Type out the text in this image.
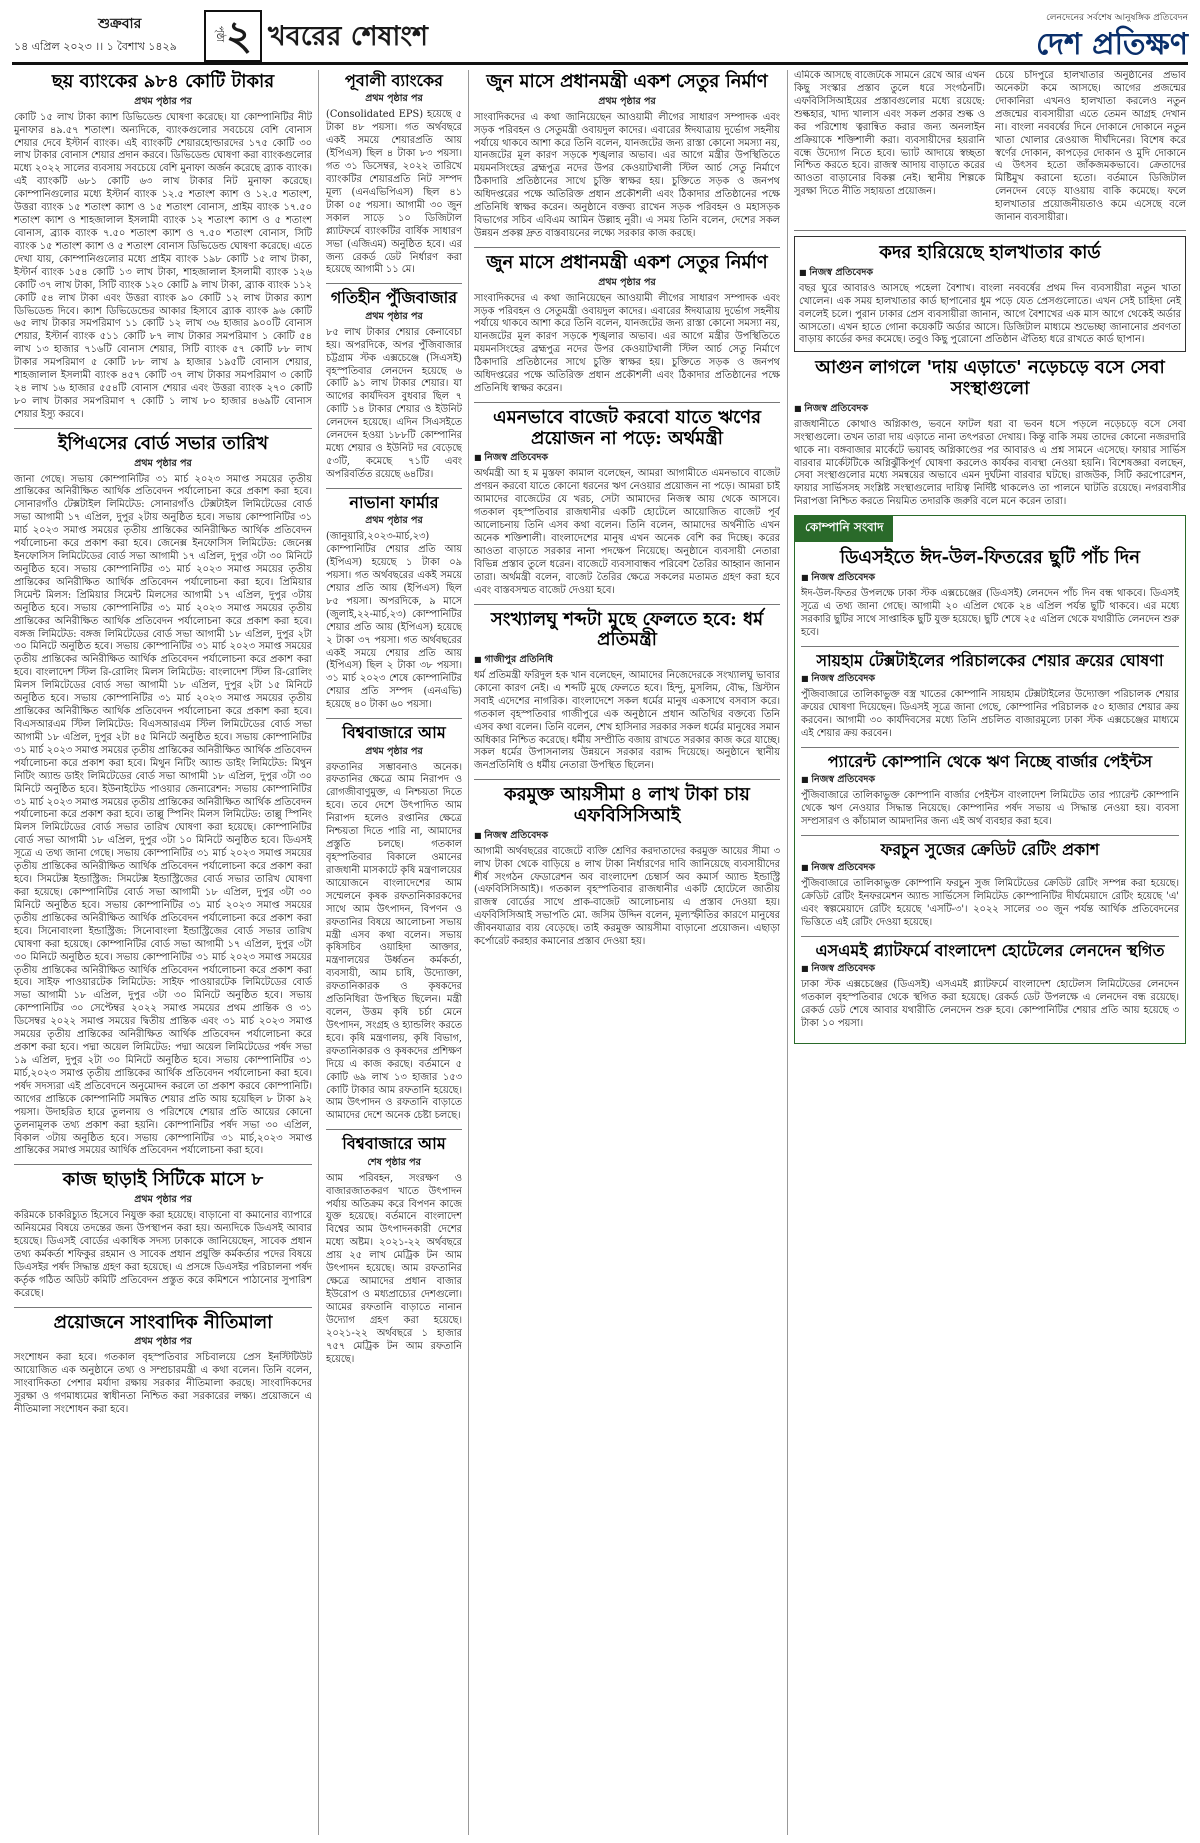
শুক্রবার
১৪ এপ্রিল ২০২৩ ।। ১ বৈশাখ ১৪২৯
পৃষ্ঠা ২ খবরের শেষাংশ
লেনদেনের সর্বশেষ আনুষঙ্গিক প্রতিবেদন
দেশ প্রতিক্ষণ
ছয় ব্যাংকের ৯৮৪ কোটি টাকার
প্রথম পৃষ্ঠার পর

কোটি ১৫ লাখ টাকা ক্যাশ ডিভিডেন্ড ঘোষণা করেছে। যা কোম্পানিটির নীট মুনাফার ৪৯.৫৭ শতাংশ। অন্যদিকে, ব্যাংকগুলোর সবচেয়ে বেশি বোনাস শেয়ার দেবে ইস্টার্ন ব্যাংক। এই ব্যাংকটি শেয়ারহোল্ডারদের ১৭৫ কোটি ৩০ লাখ টাকার বোনাস শেয়ার প্রদান করবে। ডিভিডেন্ড ঘোষণা করা ব্যাংকগুলোর মধ্যে ২০২২ সালের ব্যবসায় সবচেয়ে বেশি মুনাফা অর্জন করেছে ব্র্যাক ব্যাংক। এই ব্যাংকটি ৬৮১ কোটি ৬৩ লাখ টাকার নিট মুনাফা করেছে। কোম্পানিগুলোর মধ্যে ইস্টার্ন ব্যাংক ১২.৫ শতাংশ ক্যাশ ও ১২.৫ শতাংশ, উত্তরা ব্যাংক ১৫ শতাংশ ক্যাশ ও ১৫ শতাংশ বোনাস, প্রাইম ব্যাংক ১৭.৫০ শতাংশ ক্যাশ ও শাহজালাল ইসলামী ব্যাংক ১২ শতাংশ ক্যাশ ও ৫ শতাংশ বোনাস, ব্র্যাক ব্যাংক ৭.৫০ শতাংশ ক্যাশ ও ৭.৫০ শতাংশ বোনাস, সিটি ব্যাংক ১৫ শতাংশ ক্যাশ ও ৫ শতাংশ বোনাস ডিভিডেন্ড ঘোষণা করেছে। এতে দেখা যায়, কোম্পানিগুলোর মধ্যে প্রাইম ব্যাংক ১৯৮ কোটি ১৫ লাখ টাকা, ইস্টার্ন ব্যাংক ১৫৪ কোটি ১৩ লাখ টাকা, শাহজালাল ইসলামী ব্যাংক ১২৬ কোটি ৩৭ লাখ টাকা, সিটি ব্যাংক ১২০ কোটি ৯ লাখ টাকা, ব্র্যাক ব্যাংক ১১২ কোটি ৫৪ লাখ টাকা এবং উত্তরা ব্যাংক ৯০ কোটি ১২ লাখ টাকার ক্যাশ ডিভিডেন্ড দিবে। ক্যাশ ডিভিডেন্ডের আকার হিসাবে ব্র্যাক ব্যাংক ৯৬ কোটি ৬৫ লাখ টাকার সমপরিমাণ ১১ কোটি ১২ লাখ ৩৬ হাজার ৯০০টি বোনাস শেয়ার, ইস্টার্ন ব্যাংক ৫১১ কোটি ৮৭ লাখ টাকার সমপরিমাণ ১ কোটি ৫৪ লাখ ১৩ হাজার ৭১৬টি বোনাস শেয়ার, সিটি ব্যাংক ৫৭ কোটি ৮৮ লাখ টাকার সমপরিমাণ ৫ কোটি ৮৮ লাখ ৯ হাজার ১৯৫টি বোনাস শেয়ার, শাহজালাল ইসলামী ব্যাংক ৪৫৭ কোটি ৩৭ লাখ টাকার সমপরিমাণ ৩ কোটি ২৪ লাখ ১৬ হাজার ৫৫৪টি বোনাস শেয়ার এবং উত্তরা ব্যাংক ২৭০ কোটি ৮০ লাখ টাকার সমপরিমাণ ৭ কোটি ১ লাখ ৮০ হাজার ৪৬৯টি বোনাস শেয়ার ইস্যু করবে।

ইপিএসের বোর্ড সভার তারিখ
প্রথম পৃষ্ঠার পর

জানা গেছে। সভায় কোম্পানিটির ৩১ মার্চ ২০২৩ সমাপ্ত সময়ের তৃতীয় প্রান্তিকের অনিরীক্ষিত আর্থিক প্রতিবেদন পর্যালোচনা করে প্রকাশ করা হবে। সোনারগাঁও টেক্সটাইল লিমিটেড: সোনারগাঁও টেক্সটাইল লিমিটেডের বোর্ড সভা আগামী ১৭ এপ্রিল, দুপুর ২টায় অনুষ্ঠিত হবে। সভায় কোম্পানিটির ৩১ মার্চ ২০২৩ সমাপ্ত সময়ের তৃতীয় প্রান্তিকের অনিরীক্ষিত আর্থিক প্রতিবেদন পর্যালোচনা করে প্রকাশ করা হবে। জেনেক্স ইনফোসিস লিমিটেড: জেনেক্স ইনফোসিস লিমিটেডের বোর্ড সভা আগামী ১৭ এপ্রিল, দুপুর ৩টা ৩০ মিনিটে অনুষ্ঠিত হবে। সভায় কোম্পানিটির ৩১ মার্চ ২০২৩ সমাপ্ত সময়ের তৃতীয় প্রান্তিকের অনিরীক্ষিত আর্থিক প্রতিবেদন পর্যালোচনা করা হবে। প্রিমিয়ার সিমেন্ট মিলস: প্রিমিয়ার সিমেন্ট মিলসের আগামী ১৭ এপ্রিল, দুপুর ৩টায় অনুষ্ঠিত হবে। সভায় কোম্পানিটির ৩১ মার্চ ২০২৩ সমাপ্ত সময়ের তৃতীয় প্রান্তিকের অনিরীক্ষিত আর্থিক প্রতিবেদন পর্যালোচনা করে প্রকাশ করা হবে। বঙ্গজ লিমিটেড: বঙ্গজ লিমিটেডের বোর্ড সভা আগামী ১৮ এপ্রিল, দুপুর ২টা ৩০ মিনিটে অনুষ্ঠিত হবে। সভায় কোম্পানিটির ৩১ মার্চ ২০২৩ সমাপ্ত সময়ের তৃতীয় প্রান্তিকের অনিরীক্ষিত আর্থিক প্রতিবেদন পর্যালোচনা করে প্রকাশ করা হবে। বাংলাদেশ স্টিল রি-রোলিং মিলস লিমিটেড: বাংলাদেশ স্টিল রি-রোলিং মিলস লিমিটেডের বোর্ড সভা আগামী ১৮ এপ্রিল, দুপুর ২টা ১৫ মিনিটে অনুষ্ঠিত হবে। সভায় কোম্পানিটির ৩১ মার্চ ২০২৩ সমাপ্ত সময়ের তৃতীয় প্রান্তিকের অনিরীক্ষিত আর্থিক প্রতিবেদন পর্যালোচনা করে প্রকাশ করা হবে। বিএসআরএম স্টিল লিমিটেড: বিএসআরএম স্টিল লিমিটেডের বোর্ড সভা আগামী ১৮ এপ্রিল, দুপুর ২টা ৪৫ মিনিটে অনুষ্ঠিত হবে। সভায় কোম্পানিটির ৩১ মার্চ ২০২৩ সমাপ্ত সময়ের তৃতীয় প্রান্তিকের অনিরীক্ষিত আর্থিক প্রতিবেদন পর্যালোচনা করে প্রকাশ করা হবে। মিথুন নিটিং অ্যান্ড ডাইং লিমিটেড: মিথুন নিটিং অ্যান্ড ডাইং লিমিটেডের বোর্ড সভা আগামী ১৮ এপ্রিল, দুপুর ৩টা ৩০ মিনিটে অনুষ্ঠিত হবে। ইউনাইটেড পাওয়ার জেনারেশন: সভায় কোম্পানিটির ৩১ মার্চ ২০২৩ সমাপ্ত সময়ের তৃতীয় প্রান্তিকের অনিরীক্ষিত আর্থিক প্রতিবেদন পর্যালোচনা করে প্রকাশ করা হবে। তাল্লু স্পিনিং মিলস লিমিটেড: তাল্লু স্পিনিং মিলস লিমিটেডের বোর্ড সভার তারিখ ঘোষণা করা হয়েছে। কোম্পানিটির বোর্ড সভা আগামী ১৮ এপ্রিল, দুপুর ৩টা ১০ মিনিটে অনুষ্ঠিত হবে। ডিএসই সূত্রে এ তথ্য জানা গেছে। সভায় কোম্পানিটির ৩১ মার্চ ২০২৩ সমাপ্ত সময়ের তৃতীয় প্রান্তিকের অনিরীক্ষিত আর্থিক প্রতিবেদন পর্যালোচনা করে প্রকাশ করা হবে। সিমটেক্স ইন্ডাস্ট্রিজ: সিমটেক্স ইন্ডাস্ট্রিজের বোর্ড সভার তারিখ ঘোষণা করা হয়েছে। কোম্পানিটির বোর্ড সভা আগামী ১৮ এপ্রিল, দুপুর ৩টা ৩০ মিনিটে অনুষ্ঠিত হবে। সভায় কোম্পানিটির ৩১ মার্চ ২০২৩ সমাপ্ত সময়ের তৃতীয় প্রান্তিকের অনিরীক্ষিত আর্থিক প্রতিবেদন পর্যালোচনা করে প্রকাশ করা হবে। সিনোবাংলা ইন্ডাস্ট্রিজ: সিনোবাংলা ইন্ডাস্ট্রিজের বোর্ড সভার তারিখ ঘোষণা করা হয়েছে। কোম্পানিটির বোর্ড সভা আগামী ১৭ এপ্রিল, দুপুর ৩টা ৩০ মিনিটে অনুষ্ঠিত হবে। সভায় কোম্পানিটির ৩১ মার্চ ২০২৩ সমাপ্ত সময়ের তৃতীয় প্রান্তিকের অনিরীক্ষিত আর্থিক প্রতিবেদন পর্যালোচনা করে প্রকাশ করা হবে। সাইফ পাওয়ারটেক লিমিটেড: সাইফ পাওয়ারটেক লিমিটেডের বোর্ড সভা আগামী ১৮ এপ্রিল, দুপুর ৩টা ৩০ মিনিটে অনুষ্ঠিত হবে। সভায় কোম্পানিটির ৩০ সেপ্টেম্বর ২০২২ সমাপ্ত সময়ের প্রথম প্রান্তিক ও ৩১ ডিসেম্বর ২০২২ সমাপ্ত সময়ের দ্বিতীয় প্রান্তিক এবং ৩১ মার্চ ২০২৩ সমাপ্ত সময়ের তৃতীয় প্রান্তিকের অনিরীক্ষিত আর্থিক প্রতিবেদন পর্যালোচনা করে প্রকাশ করা হবে। পদ্মা অয়েল লিমিটেড: পদ্মা অয়েল লিমিটেডের পর্ষদ সভা ১৯ এপ্রিল, দুপুর ২টা ৩০ মিনিটে অনুষ্ঠিত হবে। সভায় কোম্পানিটির ৩১ মার্চ,২০২৩ সমাপ্ত তৃতীয় প্রান্তিকের আর্থিক প্রতিবেদন পর্যালোচনা করা হবে। পর্ষদ সদস্যরা এই প্রতিবেদনে অনুমোদন করলে তা প্রকাশ করবে কোম্পানিটি। আগের প্রান্তিকে কোম্পানিটি সমন্বিত শেয়ার প্রতি আয় হয়েছিল ৮ টাকা ৯২ পয়সা। উদাহরিত হারে তুলনায় ও পরিশেষে শেয়ার প্রতি আয়ের কোনো তুলনামূলক তথ্য প্রকাশ করা হয়নি। কোম্পানিটির পর্ষদ সভা ৩০ এপ্রিল, বিকাল ৩টায় অনুষ্ঠিত হবে। সভায় কোম্পানিটির ৩১ মার্চ,২০২৩ সমাপ্ত প্রান্তিকের সমাপ্ত সময়ের আর্থিক প্রতিবেদন পর্যালোচনা করা হবে।

কাজ ছাড়াই সিটিকে মাসে ৮
প্রথম পৃষ্ঠার পর

করিমকে চাকরিচ্যুত হিসেবে নিযুক্ত করা হয়েছে। বাড়ানো বা কমানোর ব্যাপারে অনিয়মের বিষয়ে তদন্তের জন্য উপস্থাপন করা হয়। অন্যদিকে ডিএসই আবার হয়েছে। ডিএসই বোর্ডের একাধিক সদস্য ঢাকাকে জানিয়েছেন, সাবেক প্রধান তথ্য কর্মকর্তা শফিকুর রহমান ও সাবেক প্রধান প্রযুক্তি কর্মকর্তার পদের বিষয়ে ডিএসইর পর্ষদ সিদ্ধান্ত গ্রহণ করা হয়েছে। এ প্রসঙ্গে ডিএসইর পরিচালনা পর্ষদ কর্তৃক গঠিত অডিট কমিটি প্রতিবেদন প্রস্তুত করে কমিশনে পাঠানোর সুপারিশ করেছে।

প্রয়োজনে সাংবাদিক নীতিমালা
প্রথম পৃষ্ঠার পর

সংশোধন করা হবে। গতকাল বৃহস্পতিবার সচিবালয়ে প্রেস ইনস্টিটিউট আয়োজিত এক অনুষ্ঠানে তথ্য ও সম্প্রচারমন্ত্রী এ কথা বলেন। তিনি বলেন, সাংবাদিকতা পেশার মর্যাদা রক্ষায় সরকার নীতিমালা করছে। সাংবাদিকদের সুরক্ষা ও গণমাধ্যমের স্বাধীনতা নিশ্চিত করা সরকারের লক্ষ্য। প্রয়োজনে এ নীতিমালা সংশোধন করা হবে।

পূবালী ব্যাংকের
প্রথম পৃষ্ঠার পর

(Consolidated EPS) হয়েছে ৫ টাকা ৪৮ পয়সা। গত অর্থবছরে একই সময়ে শেয়ারপ্রতি আয় (ইপিএস) ছিল ৪ টাকা ৮৩ পয়সা। গত ৩১ ডিসেম্বর, ২০২২ তারিখে ব্যাংকটির শেয়ারপ্রতি নিট সম্পদ মূল্য (এনএভিপিএস) ছিল ৪১ টাকা ০৫ পয়সা। আগামী ৩০ জুন সকাল সাড়ে ১০ ডিজিটাল প্ল্যাটফর্মে ব্যাংকটির বার্ষিক সাধারণ সভা (এজিএম) অনুষ্ঠিত হবে। এর জন্য রেকর্ড ডেট নির্ধারণ করা হয়েছে আগামী ১১ মে।

গতিহীন পুঁজিবাজার
প্রথম পৃষ্ঠার পর

৮৫ লাখ টাকার শেয়ার কেনাবেচা হয়। অপরদিকে, অপর পুঁজিবাজার চট্টগ্রাম স্টক এক্সচেঞ্জে (সিএসই) বৃহস্পতিবার লেনদেন হয়েছে ৬ কোটি ৯১ লাখ টাকার শেয়ার। যা আগের কার্যদিবস বুধবার ছিল ৭ কোটি ১৪ টাকার শেয়ার ও ইউনিট লেনদেন হয়েছে। এদিন সিএসইতে লেনদেন হওয়া ১৮৮টি কোম্পানির মধ্যে শেয়ার ও ইউনিট দর বেড়েছে ৫৩টি, কমেছে ৭১টি এবং অপরিবর্তিত রয়েছে ৬৪টির।

নাভানা ফার্মার
প্রথম পৃষ্ঠার পর

(জানুয়ারি,২০২৩-মার্চ,২৩) কোম্পানিটির শেয়ার প্রতি আয় (ইপিএস) হয়েছে ১ টাকা ০৯ পয়সা। গত অর্থবছরের একই সময়ে শেয়ার প্রতি আয় (ইপিএস) ছিল ৮৫ পয়সা। অপরদিকে, ৯ মাসে (জুলাই,২২-মার্চ,২৩) কোম্পানিটির শেয়ার প্রতি আয় (ইপিএস) হয়েছে ২ টাকা ৩৭ পয়সা। গত অর্থবছরের একই সময়ে শেয়ার প্রতি আয় (ইপিএস) ছিল ২ টাকা ৩৮ পয়সা। ৩১ মার্চ ২০২৩ শেষে কোম্পানিটির শেয়ার প্রতি সম্পদ (এনএভি) হয়েছে ৪০ টাকা ৬০ পয়সা।

বিশ্ববাজারে আম
প্রথম পৃষ্ঠার পর

রফতানির সম্ভাবনাও অনেক। রফতানির ক্ষেত্রে আম নিরাপদ ও রোগজীবাণুমুক্ত, এ নিশ্চয়তা দিতে হবে। তবে দেশে উৎপাদিত আম নিরাপদ হলেও রপ্তানির ক্ষেত্রে নিশ্চয়তা দিতে পারি না, আমাদের প্রস্তুতি চলছে। গতকাল বৃহস্পতিবার বিকালে ওমানের রাজধানী মাসকাটে কৃষি মন্ত্রণালয়ের আয়োজনে বাংলাদেশের আম সম্মেলনে কৃষক রফতানিকারকদের সাথে আম উৎপাদন, বিপণন ও রফতানির বিষয়ে আলোচনা সভায় মন্ত্রী এসব কথা বলেন। সভায় কৃষিসচিব ওয়াহিদা আক্তার, মন্ত্রণালয়ের উর্ধ্বতন কর্মকর্তা, ব্যবসায়ী, আম চাষি, উদ্যোক্তা, রফতানিকারক ও কৃষকদের প্রতিনিধিরা উপস্থিত ছিলেন। মন্ত্রী বলেন, উত্তম কৃষি চর্চা মেনে উৎপাদন, সংগ্রহ ও হ্যান্ডলিং করতে হবে। কৃষি মন্ত্রণালয়, কৃষি বিভাগ, রফতানিকারক ও কৃষকদের প্রশিক্ষণ দিয়ে এ কাজ করছে। বর্তমানে ৫ কোটি ৬৯ লাখ ১৩ হাজার ১৫৩ কোটি টাকার আম রফতানি হয়েছে। আম উৎপাদন ও রফতানি বাড়াতে আমাদের দেশে অনেক চেষ্টা চলছে।

বিশ্ববাজারে আম
শেষ পৃষ্ঠার পর

আম পরিবহন, সংরক্ষণ ও বাজারজাতকরণ খাতে উৎপাদন পর্যায় অতিক্রম করে বিপণন কাজে যুক্ত হয়েছে। বর্তমানে বাংলাদেশ বিশ্বের আম উৎপাদনকারী দেশের মধ্যে অষ্টম। ২০২১-২২ অর্থবছরে প্রায় ২৫ লাখ মেট্রিক টন আম উৎপাদন হয়েছে। আম রফতানির ক্ষেত্রে আমাদের প্রধান বাজার ইউরোপ ও মধ্যপ্রাচ্যের দেশগুলো। আমের রফতানি বাড়াতে নানান উদ্যোগ গ্রহণ করা হয়েছে। ২০২১-২২ অর্থবছরে ১ হাজার ৭৫৭ মেট্রিক টন আম রফতানি হয়েছে।

জুন মাসে প্রধানমন্ত্রী একশ সেতুর নির্মাণ
প্রথম পৃষ্ঠার পর

সাংবাদিকদের এ কথা জানিয়েছেন আওয়ামী লীগের সাধারণ সম্পাদক এবং সড়ক পরিবহন ও সেতুমন্ত্রী ওবায়দুল কাদের। এবারের ঈদযাত্রায় দুর্ভোগ সহনীয় পর্যায়ে থাকবে আশা করে তিনি বলেন, যানজটের জন্য রাস্তা কোনো সমস্যা নয়, যানজটের মূল কারণ সড়কে শৃঙ্খলার অভাব। এর আগে মন্ত্রীর উপস্থিতিতে ময়মনসিংহের ব্রহ্মপুত্র নদের উপর কেওয়াটখালী স্টিল আর্চ সেতু নির্মাণে ঠিকাদারি প্রতিষ্ঠানের সাথে চুক্তি স্বাক্ষর হয়। চুক্তিতে সড়ক ও জনপথ অধিদপ্তরের পক্ষে অতিরিক্ত প্রধান প্রকৌশলী এবং ঠিকাদার প্রতিষ্ঠানের পক্ষে প্রতিনিধি স্বাক্ষর করেন। অনুষ্ঠানে বক্তব্য রাখেন সড়ক পরিবহন ও মহাসড়ক বিভাগের সচিব এবিএম আমিন উল্লাহ নুরী। এ সময় তিনি বলেন, দেশের সকল উন্নয়ন প্রকল্প দ্রুত বাস্তবায়নের লক্ষ্যে সরকার কাজ করছে।

জুন মাসে প্রধানমন্ত্রী একশ সেতুর নির্মাণ
প্রথম পৃষ্ঠার পর

সাংবাদিকদের এ কথা জানিয়েছেন আওয়ামী লীগের সাধারণ সম্পাদক এবং সড়ক পরিবহন ও সেতুমন্ত্রী ওবায়দুল কাদের। এবারের ঈদযাত্রায় দুর্ভোগ সহনীয় পর্যায়ে থাকবে আশা করে তিনি বলেন, যানজটের জন্য রাস্তা কোনো সমস্যা নয়, যানজটের মূল কারণ সড়কে শৃঙ্খলার অভাব। এর আগে মন্ত্রীর উপস্থিতিতে ময়মনসিংহের ব্রহ্মপুত্র নদের উপর কেওয়াটখালী স্টিল আর্চ সেতু নির্মাণে ঠিকাদারি প্রতিষ্ঠানের সাথে চুক্তি স্বাক্ষর হয়। চুক্তিতে সড়ক ও জনপথ অধিদপ্তরের পক্ষে অতিরিক্ত প্রধান প্রকৌশলী এবং ঠিকাদার প্রতিষ্ঠানের পক্ষে প্রতিনিধি স্বাক্ষর করেন।

এমনভাবে বাজেট করবো যাতে ঋণের প্রয়োজন না পড়ে: অর্থমন্ত্রী
■ নিজস্ব প্রতিবেদক

অর্থমন্ত্রী আ হ ম মুস্তফা কামাল বলেছেন, আমরা আগামীতে এমনভাবে বাজেট প্রণয়ন করবো যাতে কোনো ধরনের ঋণ নেওয়ার প্রয়োজন না পড়ে। আমরা চাই আমাদের বাজেটের যে খরচ, সেটা আমাদের নিজস্ব আয় থেকে আসবে। গতকাল বৃহস্পতিবার রাজধানীর একটি হোটেলে আয়োজিত বাজেট পূর্ব আলোচনায় তিনি এসব কথা বলেন। তিনি বলেন, আমাদের অর্থনীতি এখন অনেক শক্তিশালী। বাংলাদেশের মানুষ এখন অনেক বেশি কর দিচ্ছে। করের আওতা বাড়াতে সরকার নানা পদক্ষেপ নিয়েছে। অনুষ্ঠানে ব্যবসায়ী নেতারা বিভিন্ন প্রস্তাব তুলে ধরেন। বাজেটে ব্যবসাবান্ধব পরিবেশ তৈরির আহ্বান জানান তারা। অর্থমন্ত্রী বলেন, বাজেট তৈরির ক্ষেত্রে সকলের মতামত গ্রহণ করা হবে এবং বাস্তবসম্মত বাজেট দেওয়া হবে।

সংখ্যালঘু শব্দটা মুছে ফেলতে হবে: ধর্ম প্রতিমন্ত্রী
■ গাজীপুর প্রতিনিধি

ধর্ম প্রতিমন্ত্রী ফরিদুল হক খান বলেছেন, আমাদের নিজেদেরকে সংখ্যালঘু ভাবার কোনো কারণ নেই। এ শব্দটি মুছে ফেলতে হবে। হিন্দু, মুসলিম, বৌদ্ধ, খ্রিস্টান সবাই এদেশের নাগরিক। বাংলাদেশে সকল ধর্মের মানুষ একসাথে বসবাস করে। গতকাল বৃহস্পতিবার গাজীপুরে এক অনুষ্ঠানে প্রধান অতিথির বক্তব্যে তিনি এসব কথা বলেন। তিনি বলেন, শেখ হাসিনার সরকার সকল ধর্মের মানুষের সমান অধিকার নিশ্চিত করেছে। ধর্মীয় সম্প্রীতি বজায় রাখতে সরকার কাজ করে যাচ্ছে। সকল ধর্মের উপাসনালয় উন্নয়নে সরকার বরাদ্দ দিয়েছে। অনুষ্ঠানে স্থানীয় জনপ্রতিনিধি ও ধর্মীয় নেতারা উপস্থিত ছিলেন।

করমুক্ত আয়সীমা ৪ লাখ টাকা চায় এফবিসিসিআই
■ নিজস্ব প্রতিবেদক

আগামী অর্থবছরের বাজেটে ব্যক্তি শ্রেণির করদাতাদের করমুক্ত আয়ের সীমা ৩ লাখ টাকা থেকে বাড়িয়ে ৪ লাখ টাকা নির্ধারণের দাবি জানিয়েছে ব্যবসায়ীদের শীর্ষ সংগঠন ফেডারেশন অব বাংলাদেশ চেম্বার্স অব কমার্স অ্যান্ড ইন্ডাস্ট্রি (এফবিসিসিআই)। গতকাল বৃহস্পতিবার রাজধানীর একটি হোটেলে জাতীয় রাজস্ব বোর্ডের সাথে প্রাক-বাজেট আলোচনায় এ প্রস্তাব দেওয়া হয়। এফবিসিসিআই সভাপতি মো. জসিম উদ্দিন বলেন, মূল্যস্ফীতির কারণে মানুষের জীবনযাত্রার ব্যয় বেড়েছে। তাই করমুক্ত আয়সীমা বাড়ানো প্রয়োজন। এছাড়া কর্পোরেট করহার কমানোর প্রস্তাব দেওয়া হয়।

এমিকে আসছে বাজেটকে সামনে রেখে আর এখন কিছু সংস্কার প্রস্তাব তুলে ধরে সংগঠনটি। এফবিসিসিআইয়ের প্রস্তাবগুলোর মধ্যে রয়েছে: শুল্কহার, খাদ্য খালাস এবং সকল প্রকার শুল্ক ও কর পরিশোধ ত্বরান্বিত করার জন্য অনলাইন প্রক্রিয়াকে শক্তিশালী করা। ব্যবসায়ীদের হয়রানি বন্ধে উদ্যোগ নিতে হবে। ভ্যাট আদায়ে স্বচ্ছতা নিশ্চিত করতে হবে। রাজস্ব আদায় বাড়াতে করের আওতা বাড়ানোর বিকল্প নেই। স্থানীয় শিল্পকে সুরক্ষা দিতে নীতি সহায়তা প্রয়োজন।

চেয়ে চাঁদপুরে হালখাতার অনুষ্ঠানের প্রভাব অনেকটা কমে আসছে। আগের প্রজন্মের দোকানিরা এখনও হালখাতা করলেও নতুন প্রজন্মের ব্যবসায়ীরা এতে তেমন আগ্রহ দেখান না। বাংলা নববর্ষের দিনে দোকানে দোকানে নতুন খাতা খোলার রেওয়াজ দীর্ঘদিনের। বিশেষ করে স্বর্ণের দোকান, কাপড়ের দোকান ও মুদি দোকানে এ উৎসব হতো জাঁকজমকভাবে। ক্রেতাদের মিষ্টিমুখ করানো হতো। বর্তমানে ডিজিটাল লেনদেন বেড়ে যাওয়ায় বাকি কমেছে। ফলে হালখাতার প্রয়োজনীয়তাও কমে এসেছে বলে জানান ব্যবসায়ীরা।

কদর হারিয়েছে হালখাতার কার্ড
■ নিজস্ব প্রতিবেদক

বছর ঘুরে আবারও আসছে পহেলা বৈশাখ। বাংলা নববর্ষের প্রথম দিন ব্যবসায়ীরা নতুন খাতা খোলেন। এক সময় হালখাতার কার্ড ছাপানোর ধুম পড়ে যেত প্রেসগুলোতে। এখন সেই চাহিদা নেই বললেই চলে। পুরান ঢাকার প্রেস ব্যবসায়ীরা জানান, আগে বৈশাখের এক মাস আগে থেকেই অর্ডার আসতো। এখন হাতে গোনা কয়েকটি অর্ডার আসে। ডিজিটাল মাধ্যমে শুভেচ্ছা জানানোর প্রবণতা বাড়ায় কার্ডের কদর কমেছে। তবুও কিছু পুরোনো প্রতিষ্ঠান ঐতিহ্য ধরে রাখতে কার্ড ছাপান।

আগুন লাগলে 'দায় এড়াতে' নড়েচড়ে বসে সেবা সংস্থাগুলো
■ নিজস্ব প্রতিবেদক

রাজধানীতে কোথাও অগ্নিকাণ্ড, ভবনে ফাটল ধরা বা ভবন ধসে পড়লে নড়েচড়ে বসে সেবা সংস্থাগুলো। তখন তারা দায় এড়াতে নানা তৎপরতা দেখায়। কিন্তু বাকি সময় তাদের কোনো নজরদারি থাকে না। বঙ্গবাজার মার্কেটে ভয়াবহ অগ্নিকাণ্ডের পর আবারও এ প্রশ্ন সামনে এসেছে। ফায়ার সার্ভিস বারবার মার্কেটটিকে অগ্নিঝুঁকিপূর্ণ ঘোষণা করলেও কার্যকর ব্যবস্থা নেওয়া হয়নি। বিশেষজ্ঞরা বলছেন, সেবা সংস্থাগুলোর মধ্যে সমন্বয়ের অভাবে এমন দুর্ঘটনা বারবার ঘটছে। রাজউক, সিটি করপোরেশন, ফায়ার সার্ভিসসহ সংশ্লিষ্ট সংস্থাগুলোর দায়িত্ব নির্দিষ্ট থাকলেও তা পালনে ঘাটতি রয়েছে। নগরবাসীর নিরাপত্তা নিশ্চিত করতে নিয়মিত তদারকি জরুরি বলে মনে করেন তারা।

কোম্পানি সংবাদ
ডিএসইতে ঈদ-উল-ফিতরের ছুটি পাঁচ দিন
■ নিজস্ব প্রতিবেদক

ঈদ-উল-ফিতর উপলক্ষে ঢাকা স্টক এক্সচেঞ্জের (ডিএসই) লেনদেন পাঁচ দিন বন্ধ থাকবে। ডিএসই সূত্রে এ তথ্য জানা গেছে। আগামী ২০ এপ্রিল থেকে ২৪ এপ্রিল পর্যন্ত ছুটি থাকবে। এর মধ্যে সরকারি ছুটির সাথে সাপ্তাহিক ছুটি যুক্ত হয়েছে। ছুটি শেষে ২৫ এপ্রিল থেকে যথারীতি লেনদেন শুরু হবে।

সায়হাম টেক্সটাইলের পরিচালকের শেয়ার ক্রয়ের ঘোষণা
■ নিজস্ব প্রতিবেদক

পুঁজিবাজারে তালিকাভুক্ত বস্ত্র খাতের কোম্পানি সায়হাম টেক্সটাইলের উদ্যোক্তা পরিচালক শেয়ার ক্রয়ের ঘোষণা দিয়েছেন। ডিএসই সূত্রে জানা গেছে, কোম্পানির পরিচালক ৫০ হাজার শেয়ার ক্রয় করবেন। আগামী ৩০ কার্যদিবসের মধ্যে তিনি প্রচলিত বাজারমূল্যে ঢাকা স্টক এক্সচেঞ্জের মাধ্যমে এই শেয়ার ক্রয় করবেন।

প্যারেন্ট কোম্পানি থেকে ঋণ নিচ্ছে বার্জার পেইন্টস
■ নিজস্ব প্রতিবেদক

পুঁজিবাজারে তালিকাভুক্ত কোম্পানি বার্জার পেইন্টস বাংলাদেশ লিমিটেড তার প্যারেন্ট কোম্পানি থেকে ঋণ নেওয়ার সিদ্ধান্ত নিয়েছে। কোম্পানির পর্ষদ সভায় এ সিদ্ধান্ত নেওয়া হয়। ব্যবসা সম্প্রসারণ ও কাঁচামাল আমদানির জন্য এই অর্থ ব্যবহার করা হবে।

ফরচুন সুজের ক্রেডিট রেটিং প্রকাশ
■ নিজস্ব প্রতিবেদক

পুঁজিবাজারে তালিকাভুক্ত কোম্পানি ফরচুন সুজ লিমিটেডের ক্রেডিট রেটিং সম্পন্ন করা হয়েছে। ক্রেডিট রেটিং ইনফরমেশন অ্যান্ড সার্ভিসেস লিমিটেড কোম্পানিটির দীর্ঘমেয়াদে রেটিং হয়েছে 'এ' এবং স্বল্পমেয়াদে রেটিং হয়েছে 'এসটি-৩'। ২০২২ সালের ৩০ জুন পর্যন্ত আর্থিক প্রতিবেদনের ভিত্তিতে এই রেটিং দেওয়া হয়েছে।

এসএমই প্ল্যাটফর্মে বাংলাদেশ হোটেলের লেনদেন স্থগিত
■ নিজস্ব প্রতিবেদক

ঢাকা স্টক এক্সচেঞ্জের (ডিএসই) এসএমই প্ল্যাটফর্মে বাংলাদেশ হোটেলস লিমিটেডের লেনদেন গতকাল বৃহস্পতিবার থেকে স্থগিত করা হয়েছে। রেকর্ড ডেট উপলক্ষে এ লেনদেন বন্ধ রয়েছে। রেকর্ড ডেট শেষে আবার যথারীতি লেনদেন শুরু হবে। কোম্পানিটির শেয়ার প্রতি আয় হয়েছে ৩ টাকা ১০ পয়সা।
